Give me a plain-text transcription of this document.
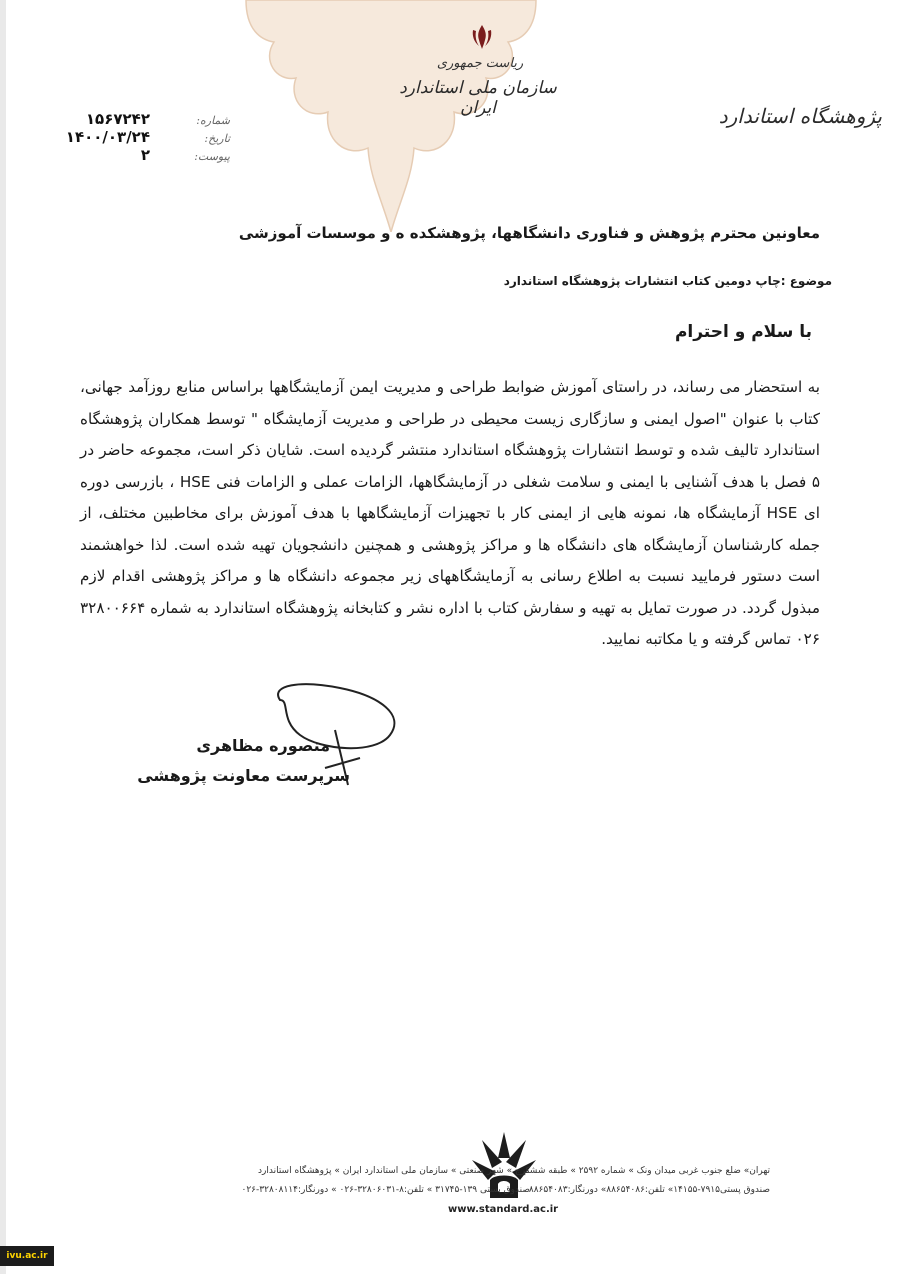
ریاست جمهوری
سازمان ملی استاندارد ایران	پژوهشگاه استاندارد
شماره:
تاریخ:
پیوست:
۱۵۶۷۲۴۲
۱۴۰۰/۰۳/۲۴
۲
معاونین محترم پژوهش و فناوری دانشگاهها، پژوهشکده ه و موسسات آموزشی
موضوع :چاپ دومین کتاب انتشارات پژوهشگاه استاندارد
با سلام و احترام
به استحضار می رساند، در راستای آموزش ضوابط طراحی و مدیریت ایمن آزمایشگاهها براساس منابع روزآمد جهانی، کتاب با عنوان "اصول ایمنی و سازگاری زیست محیطی در طراحی و مدیریت آزمایشگاه " توسط همکاران پژوهشگاه استاندارد تالیف شده و توسط انتشارات پژوهشگاه استاندارد منتشر گردیده است. شایان ذکر است، مجموعه حاضر در ۵ فصل با هدف آشنایی با ایمنی و سلامت شغلی در آزمایشگاهها، الزامات عملی و الزامات فنی HSE ، بازرسی دوره ای HSE آزمایشگاه ها، نمونه هایی از ایمنی کار با تجهیزات آزمایشگاهها با هدف آموزش برای مخاطبین مختلف، از جمله کارشناسان آزمایشگاه های دانشگاه ها و مراکز پژوهشی و همچنین دانشجویان تهیه شده است. لذا خواهشمند است دستور فرمایید نسبت به اطلاع رسانی به آزمایشگاههای زیر مجموعه دانشگاه ها و مراکز پژوهشی اقدام لازم مبذول گردد. در صورت تمایل به تهیه و سفارش کتاب با اداره نشر و کتابخانه پژوهشگاه استاندارد به شماره ۳۲۸۰۰۶۶۴ ۰۲۶ تماس گرفته و یا مکاتبه نمایید.
منصوره مظاهری
سرپرست معاونت پژوهشی
تهران» ضلع جنوب غربی میدان ونک » شماره ۲۵۹۲ » طبقه ششم
صندوق پستی۷۹۱۵-۱۴۱۵۵» تلفن:۸۸۶۵۴۰۸۶» دورنگار:۸۸۶۵۴۰۸۳
کرج » شهر صنعتی » سازمان ملی استاندارد ایران » پژوهشگاه استاندارد
صندوق پستی ۱۳۹-۳۱۷۴۵ » تلفن:۸-۳۲۸۰۶۰۳۱-۰۲۶ » دورنگار:۳۲۸۰۸۱۱۴-۰۲۶
www.standard.ac.ir
ivu.ac.ir
